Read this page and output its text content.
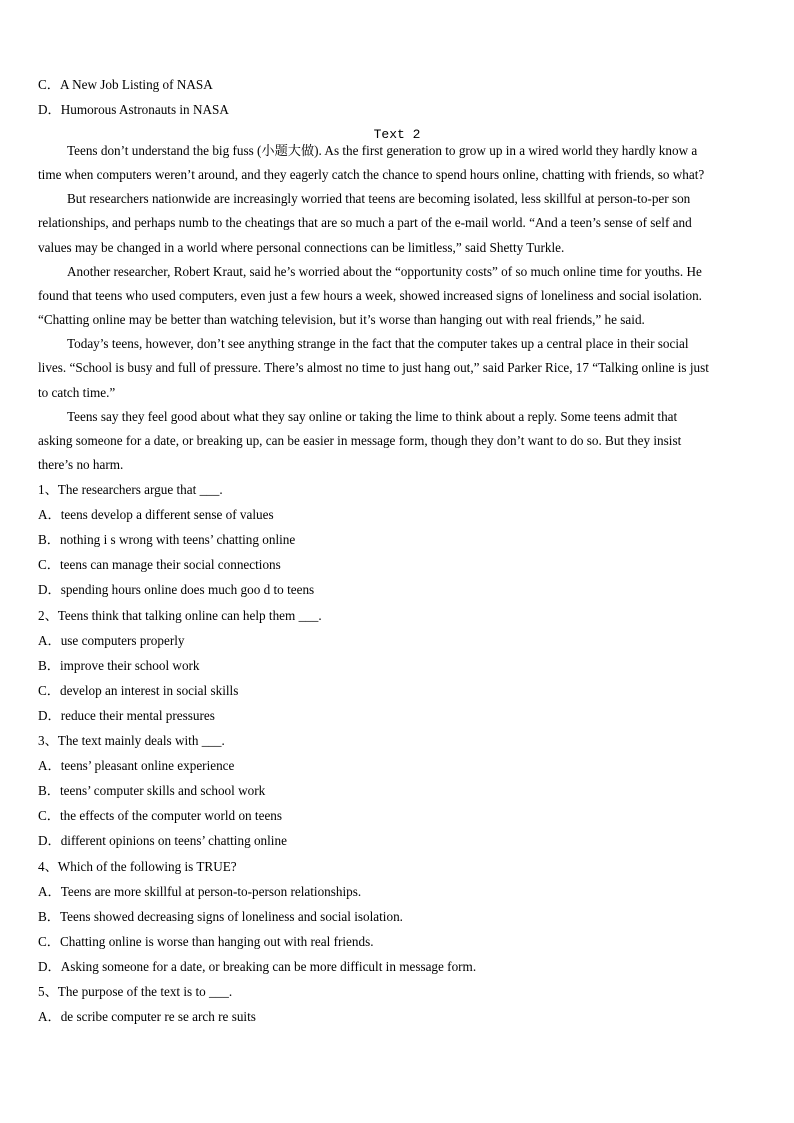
C．A New Job Listing of NASA
D．Humorous Astronauts in NASA
Text 2
Teens don’t understand the big fuss (小题大做). As the first generation to grow up in a wired world they hardly know a
time when computers weren’t around, and they eagerly catch the chance to spend hours online, chatting with friends, so what?
But researchers nationwide are increasingly worried that teens are becoming isolated, less skillful at person-to-per son
relationships, and perhaps numb to the cheatings that are so much a part of the e-mail world. “And a teen’s sense of self and
values may be changed in a world where personal connections can be limitless,” said Shetty Turkle.
Another researcher, Robert Kraut, said he’s worried about the “opportunity costs” of so much online time for youths. He
found that teens who used computers, even just a few hours a week, showed increased signs of loneliness and social isolation.
“Chatting online may be better than watching television, but it’s worse than hanging out with real friends,” he said.
Today’s teens, however, don’t see anything strange in the fact that the computer takes up a central place in their social
lives. “School is busy and full of pressure. There’s almost no time to just hang out,” said Parker Rice, 17 “Talking online is just
to catch time.”
Teens say they feel good about what they say online or taking the lime to think about a reply. Some teens admit that
asking someone for a date, or breaking up, can be easier in message form, though they don’t want to do so. But they insist
there’s no harm.
1、The researchers argue that ___.
A．teens develop a different sense of values
B．nothing i s wrong with teens’ chatting online
C．teens can manage their social connections
D．spending hours online does much goo d to teens
2、Teens think that talking online can help them ___.
A．use computers properly
B．improve their school work
C．develop an interest in social skills
D．reduce their mental pressures
3、The text mainly deals with ___.
A．teens’ pleasant online experience
B．teens’ computer skills and school work
C．the effects of the computer world on teens
D．different opinions on teens’ chatting online
4、Which of the following is TRUE?
A．Teens are more skillful at person-to-person relationships.
B．Teens showed decreasing signs of loneliness and social isolation.
C．Chatting online is worse than hanging out with real friends.
D．Asking someone for a date, or breaking can be more difficult in message form.
5、The purpose of the text is to ___.
A．de scribe computer re se arch re suits
